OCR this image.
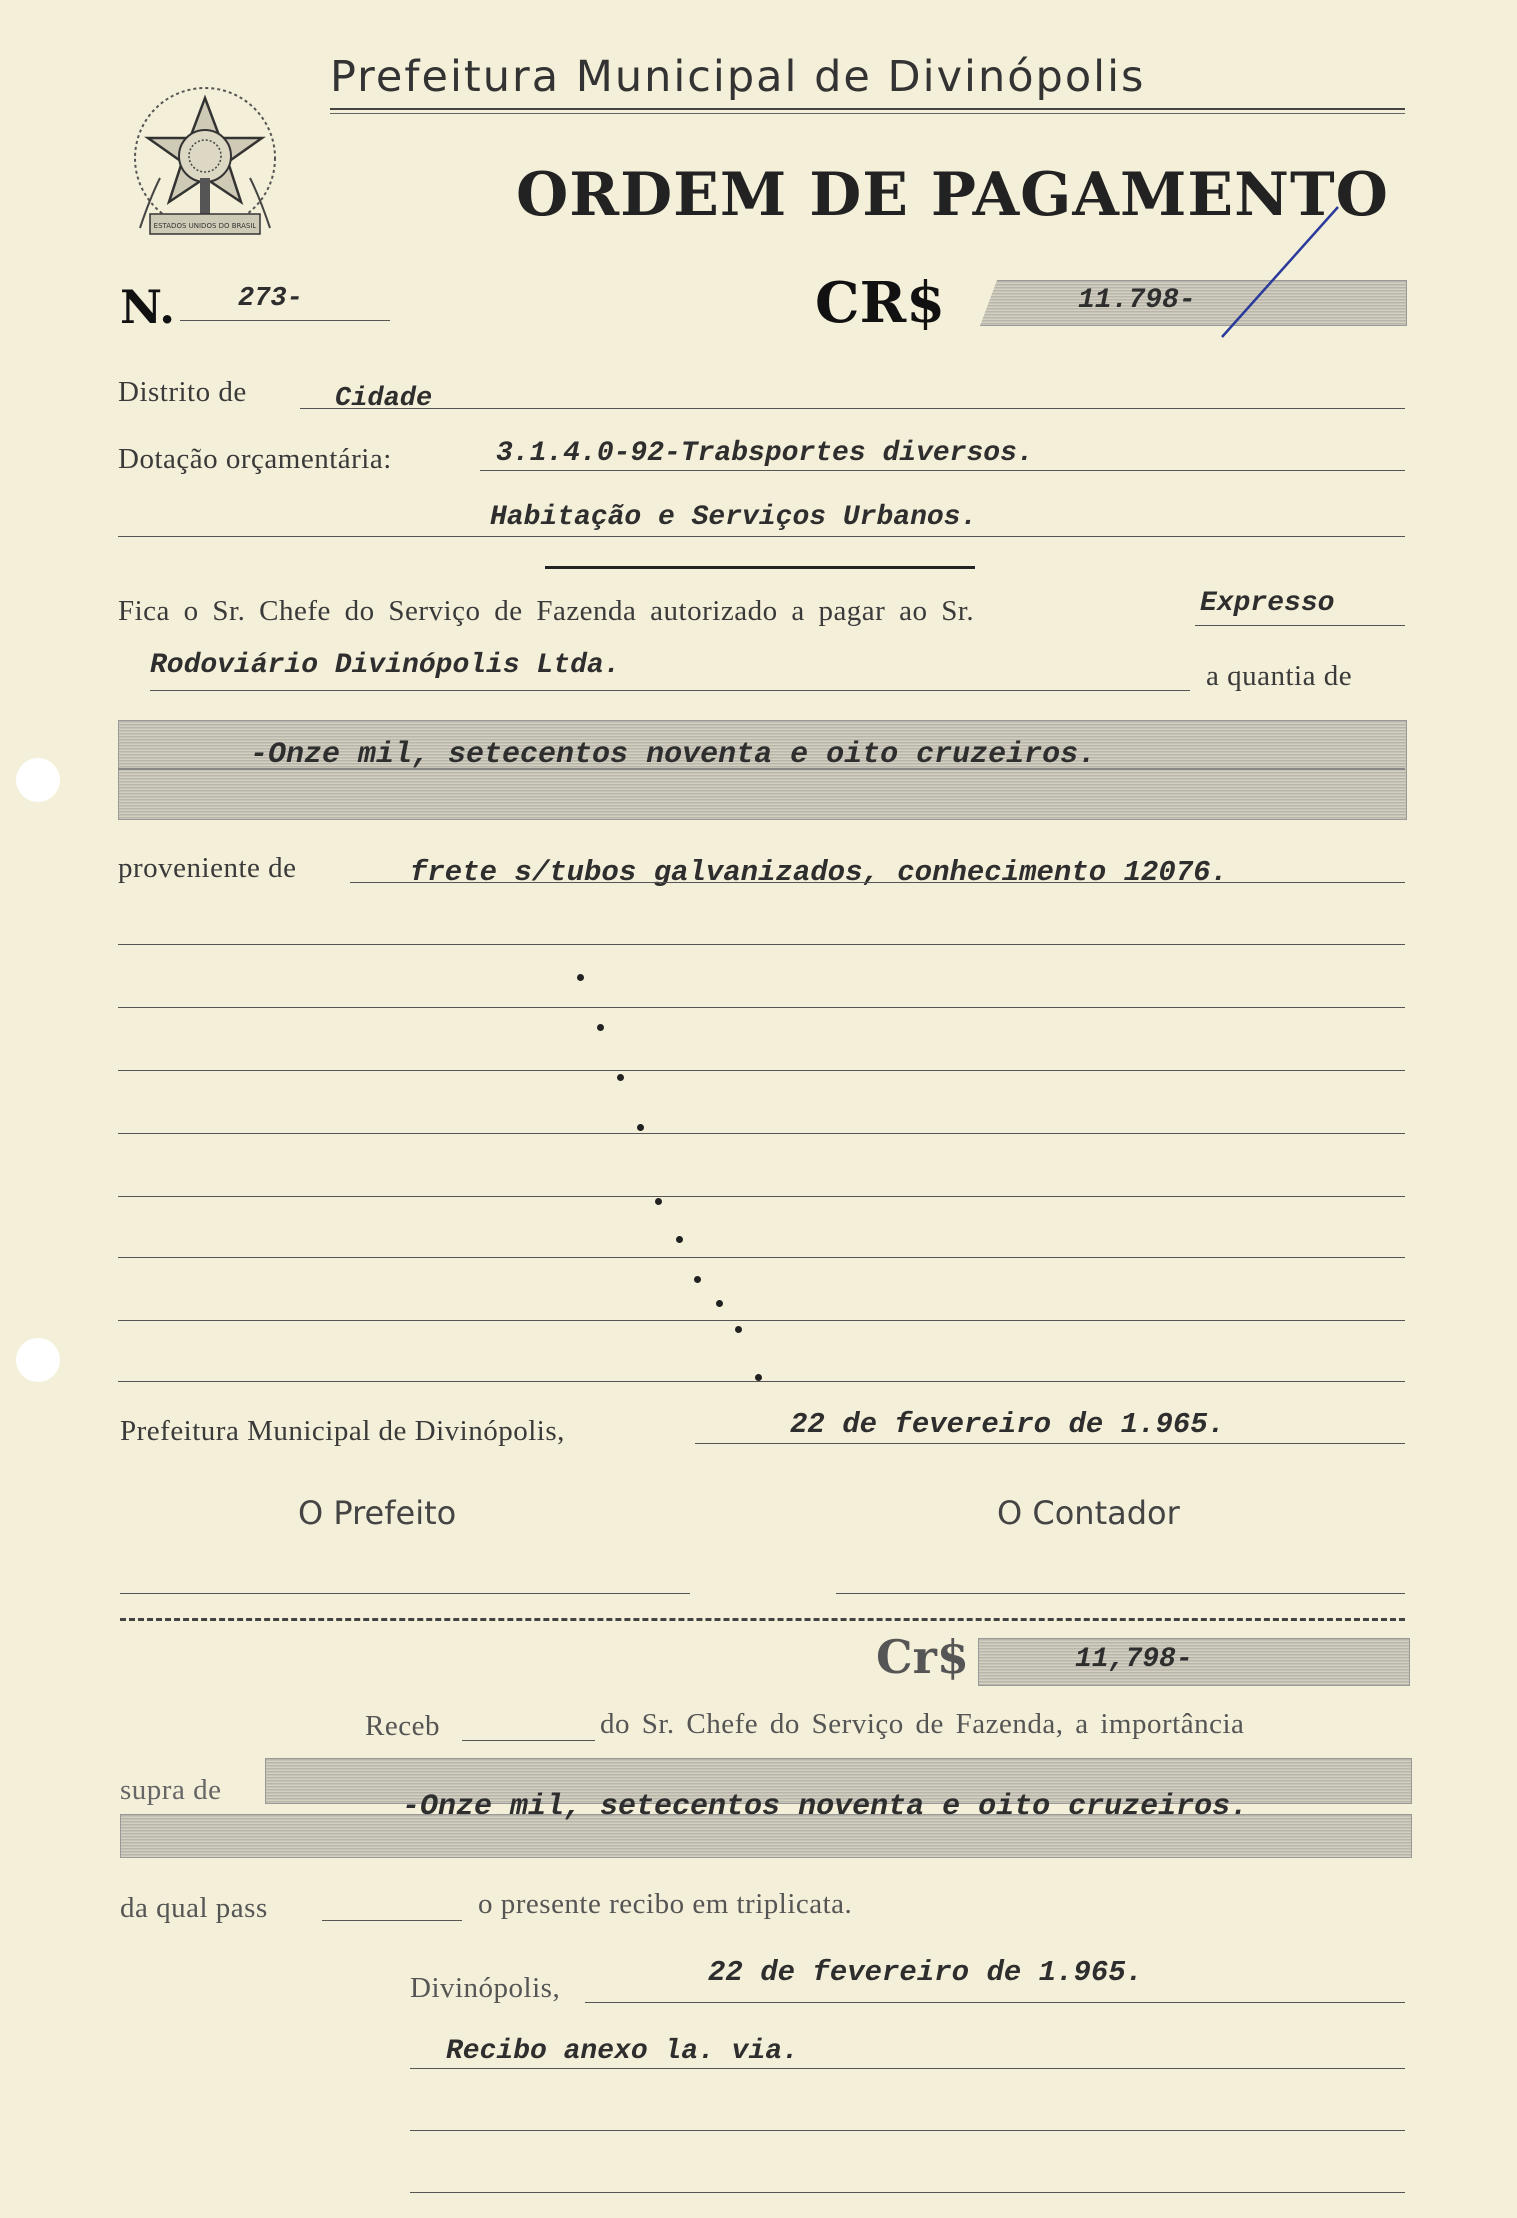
ESTADOS UNIDOS DO BRASIL
Prefeitura Municipal de Divinópolis
ORDEM DE PAGAMENTO
N. 273-	CR$	11.798-
Distrito de	Cidade
Dotação orçamentária:	3.1.4.0-92-Trabsportes diversos.
Habitação e Serviços Urbanos.
Fica o Sr. Chefe do Serviço de Fazenda autorizado a pagar ao Sr.	Expresso
Rodoviário Divinópolis Ltda.	a quantia de
-Onze mil, setecentos noventa e oito cruzeiros.
proveniente de	frete s/tubos galvanizados, conhecimento 12076.
Prefeitura Municipal de Divinópolis,	22 de fevereiro de 1.965.
O Prefeito	O Contador
Cr$	11,798-
Receb	do Sr. Chefe do Serviço de Fazenda, a importância
supra de	-Onze mil, setecentos noventa e oito cruzeiros.
da qual pass	o presente recibo em triplicata.
Divinópolis,	22 de fevereiro de 1.965.
Recibo anexo la. via.
